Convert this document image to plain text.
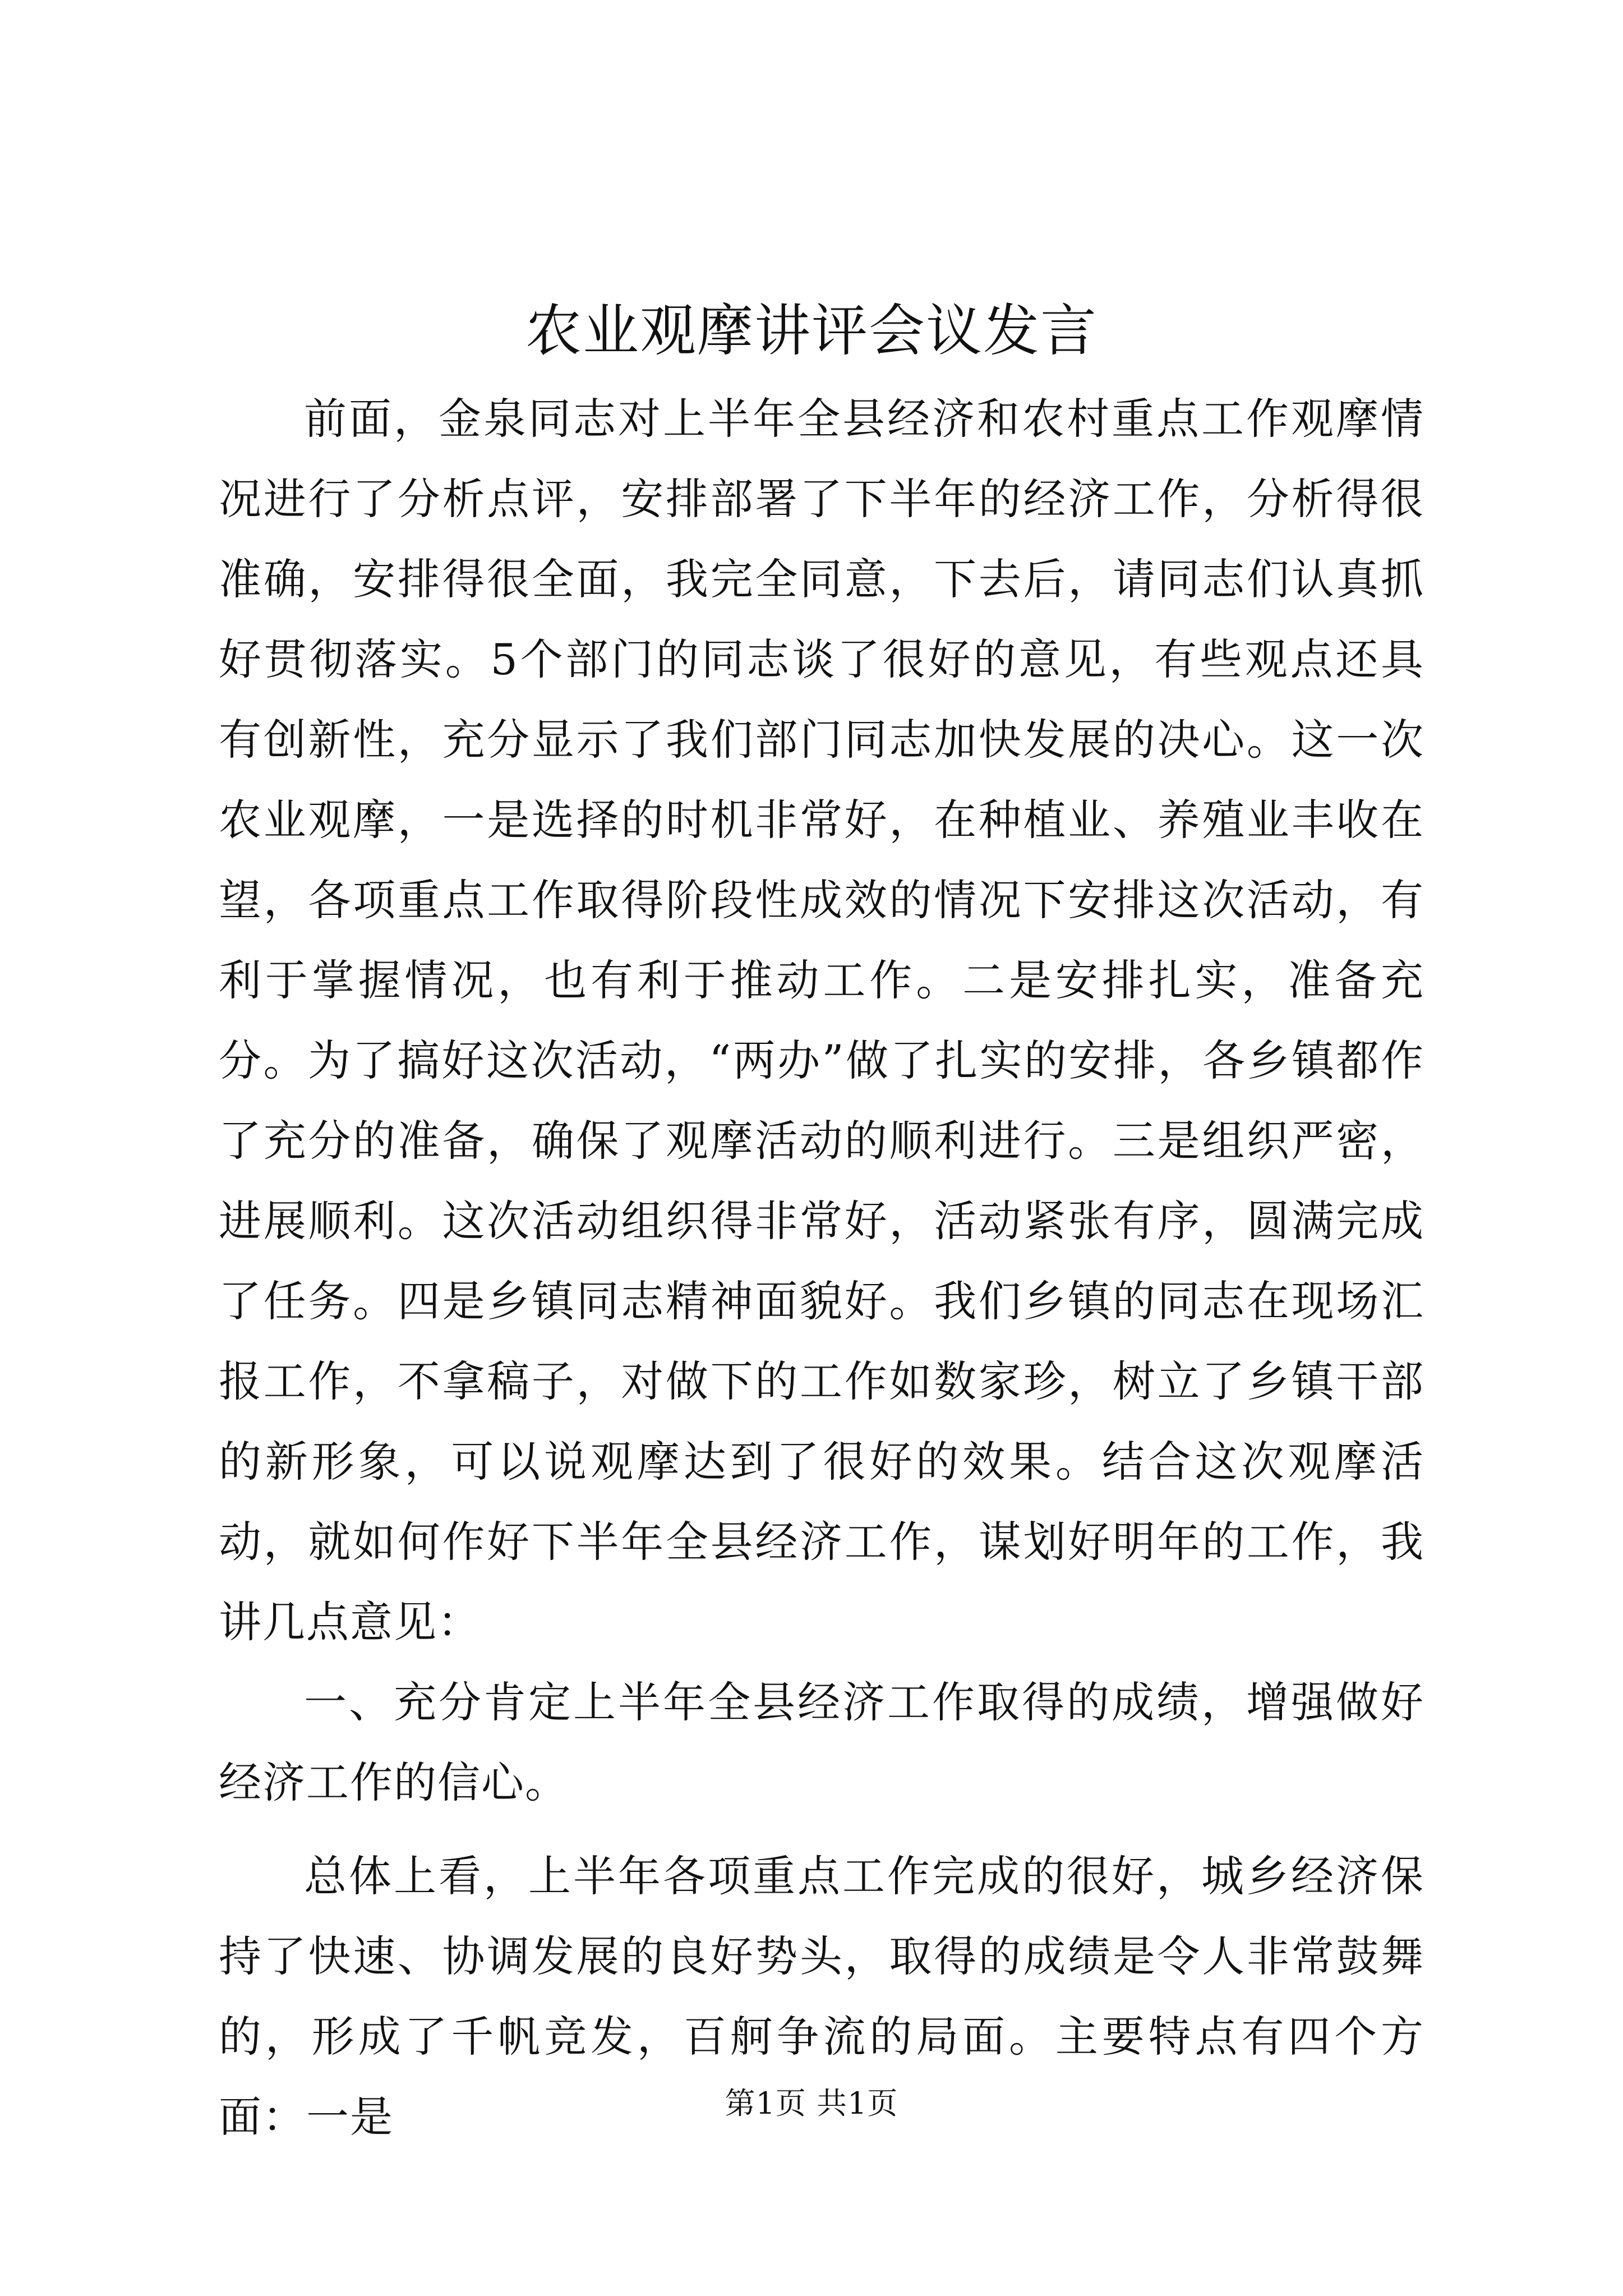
农业观摩讲评会议发言

前面，金泉同志对上半年全县经济和农村重点工作观摩情况进行了分析点评，安排部署了下半年的经济工作，分析得很准确，安排得很全面，我完全同意，下去后，请同志们认真抓好贯彻落实。5个部门的同志谈了很好的意见，有些观点还具有创新性，充分显示了我们部门同志加快发展的决心。这一次农业观摩，一是选择的时机非常好，在种植业、养殖业丰收在望，各项重点工作取得阶段性成效的情况下安排这次活动，有利于掌握情况，也有利于推动工作。二是安排扎实，准备充分。为了搞好这次活动，“两办”做了扎实的安排，各乡镇都作了充分的准备，确保了观摩活动的顺利进行。三是组织严密，进展顺利。这次活动组织得非常好，活动紧张有序，圆满完成了任务。四是乡镇同志精神面貌好。我们乡镇的同志在现场汇报工作，不拿稿子，对做下的工作如数家珍，树立了乡镇干部的新形象，可以说观摩达到了很好的效果。结合这次观摩活动，就如何作好下半年全县经济工作，谋划好明年的工作，我讲几点意见：

一、充分肯定上半年全县经济工作取得的成绩，增强做好经济工作的信心。

总体上看，上半年各项重点工作完成的很好，城乡经济保持了快速、协调发展的良好势头，取得的成绩是令人非常鼓舞的，形成了千帆竞发，百舸争流的局面。主要特点有四个方面：一是	第1页 共1页
